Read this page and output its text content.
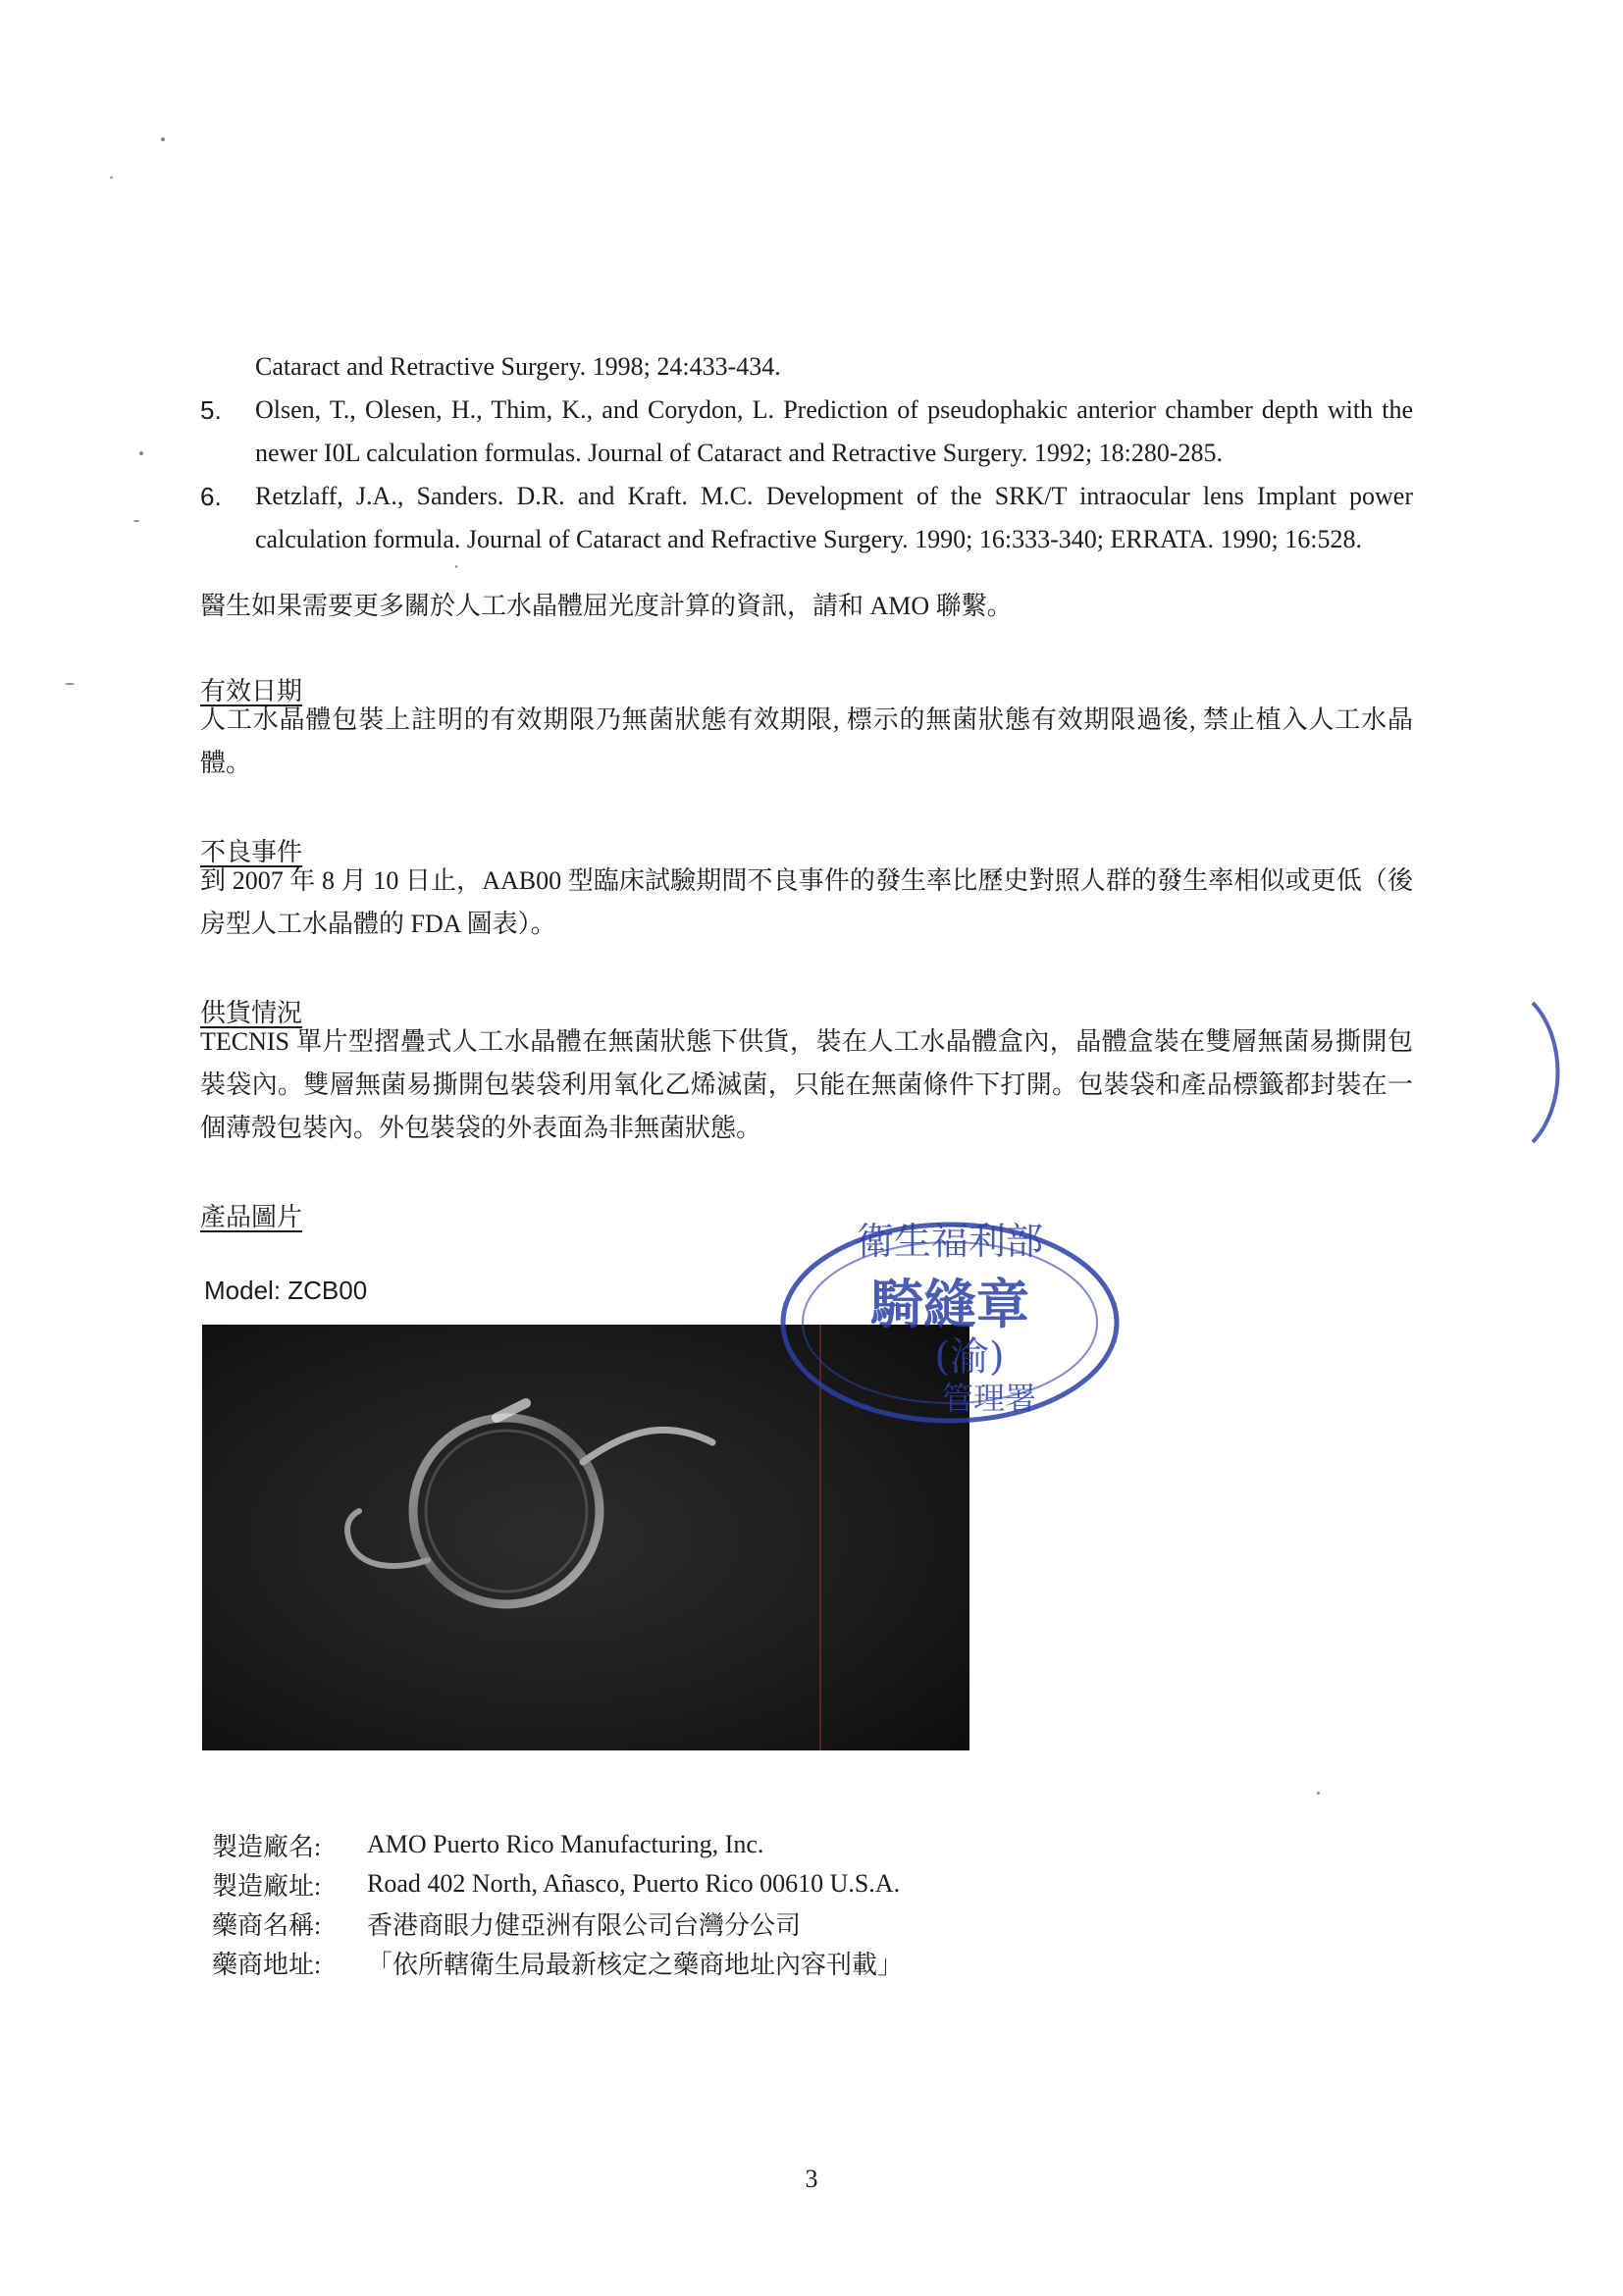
Cataract and Retractive Surgery. 1998; 24:433-434.
5. Olsen, T., Olesen, H., Thim, K., and Corydon, L. Prediction of pseudophakic anterior chamber depth with the newer I0L calculation formulas. Journal of Cataract and Retractive Surgery. 1992; 18:280-285.
6. Retzlaff, J.A., Sanders. D.R. and Kraft. M.C. Development of the SRK/T intraocular lens Implant power calculation formula. Journal of Cataract and Refractive Surgery. 1990; 16:333-340; ERRATA. 1990; 16:528.
醫生如果需要更多關於人工水晶體屈光度計算的資訊，請和 AMO 聯繫。
有效日期
人工水晶體包裝上註明的有效期限乃無菌狀態有效期限, 標示的無菌狀態有效期限過後, 禁止植入人工水晶體。
不良事件
到 2007 年 8 月 10 日止，AAB00 型臨床試驗期間不良事件的發生率比歷史對照人群的發生率相似或更低（後房型人工水晶體的 FDA 圖表）。
供貨情況
TECNIS 單片型摺疊式人工水晶體在無菌狀態下供貨，裝在人工水晶體盒內，晶體盒裝在雙層無菌易撕開包裝袋內。雙層無菌易撕開包裝袋利用氧化乙烯滅菌，只能在無菌條件下打開。包裝袋和產品標籤都封裝在一個薄殼包裝內。外包裝袋的外表面為非無菌狀態。
產品圖片
Model: ZCB00
衛生福利部
騎縫章
(渝)
管理署
製造廠名:	AMO Puerto Rico Manufacturing, Inc.
製造廠址:	Road 402 North, Añasco, Puerto Rico 00610 U.S.A.
藥商名稱:	香港商眼力健亞洲有限公司台灣分公司
藥商地址:	「依所轄衛生局最新核定之藥商地址內容刊載」
3
